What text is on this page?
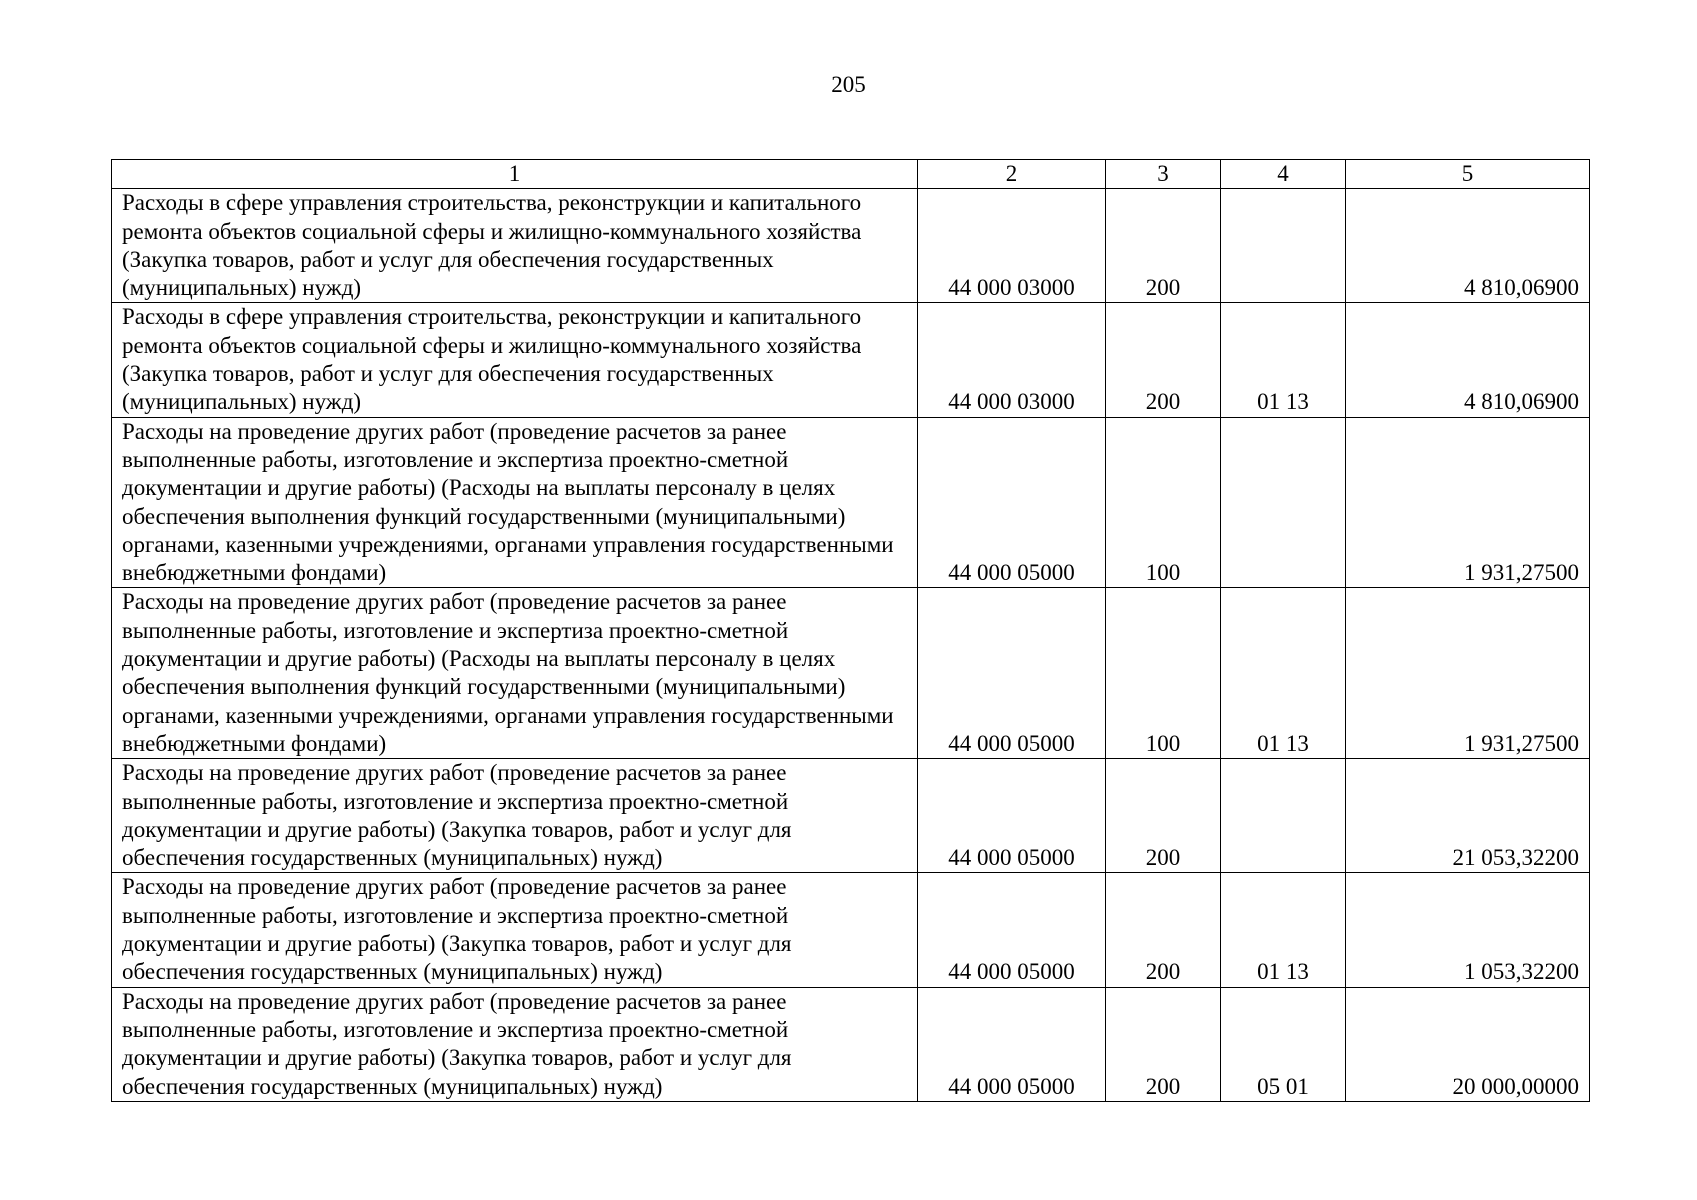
205
1	2	3	4	5
Расходы в сфере управления строительства, реконструкции и капитального ремонта объектов социальной сферы и жилищно-коммунального хозяйства (Закупка товаров, работ и услуг для обеспечения государственных (муниципальных) нужд)	44 000 03000	200		4 810,06900
Расходы в сфере управления строительства, реконструкции и капитального ремонта объектов социальной сферы и жилищно-коммунального хозяйства (Закупка товаров, работ и услуг для обеспечения государственных (муниципальных) нужд)	44 000 03000	200	01 13	4 810,06900
Расходы на проведение других работ (проведение расчетов за ранее выполненные работы, изготовление и экспертиза проектно-сметной документации и другие работы) (Расходы на выплаты персоналу в целях обеспечения выполнения функций государственными (муниципальными) органами, казенными учреждениями, органами управления государственными внебюджетными фондами)	44 000 05000	100		1 931,27500
Расходы на проведение других работ (проведение расчетов за ранее выполненные работы, изготовление и экспертиза проектно-сметной документации и другие работы) (Расходы на выплаты персоналу в целях обеспечения выполнения функций государственными (муниципальными) органами, казенными учреждениями, органами управления государственными внебюджетными фондами)	44 000 05000	100	01 13	1 931,27500
Расходы на проведение других работ (проведение расчетов за ранее выполненные работы, изготовление и экспертиза проектно-сметной документации и другие работы) (Закупка товаров, работ и услуг для обеспечения государственных (муниципальных) нужд)	44 000 05000	200		21 053,32200
Расходы на проведение других работ (проведение расчетов за ранее выполненные работы, изготовление и экспертиза проектно-сметной документации и другие работы) (Закупка товаров, работ и услуг для обеспечения государственных (муниципальных) нужд)	44 000 05000	200	01 13	1 053,32200
Расходы на проведение других работ (проведение расчетов за ранее выполненные работы, изготовление и экспертиза проектно-сметной документации и другие работы) (Закупка товаров, работ и услуг для обеспечения государственных (муниципальных) нужд)	44 000 05000	200	05 01	20 000,00000
